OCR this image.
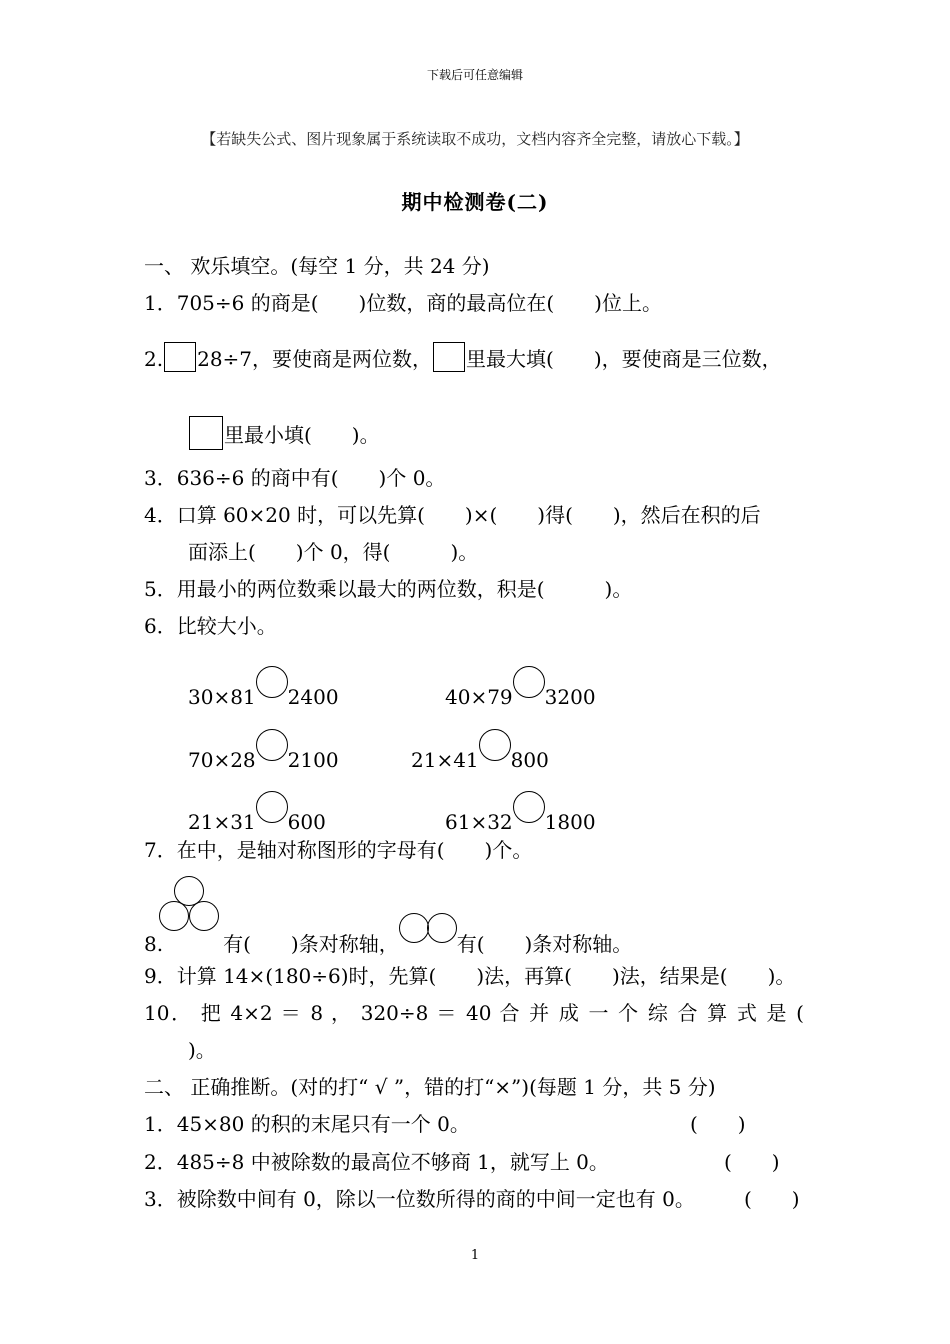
下载后可任意编辑
【若缺失公式、图片现象属于系统读取不成功，文档内容齐全完整，请放心下载。】
期中检测卷(二)
一、 欢乐填空。(每空 1 分，共 24 分)
1．705÷6 的商是(　　)位数，商的最高位在(　　)位上。
2. 28÷7，要使商是两位数， 里最大填(　　)，要使商是三位数，
里最小填(　　)。
3．636÷6 的商中有(　　)个 0。
4．口算 60×20 时，可以先算(　　)×(　　)得(　　)，然后在积的后
面添上(　　)个 0，得(　　　)。
5．用最小的两位数乘以最大的两位数，积是(　　　)。
6．比较大小。
30×81 2400	40×79 3200
70×28 2100	21×41 800
21×31 600	61×32 1800
7．在中，是轴对称图形的字母有(　　)个。
8.	有(　　)条对称轴，	有(　　)条对称轴。
9．计算 14×(180÷6)时，先算(　　)法，再算(　　)法，结果是(　　)。
10． 把 4×2 ＝ 8 ， 320÷8 ＝ 40 合 并 成 一 个 综 合 算 式 是 (
)。
二、 正确推断。(对的打“ √ ”，错的打“×”)(每题 1 分，共 5 分)
1．45×80 的积的末尾只有一个 0。	(　　)
2．485÷8 中被除数的最高位不够商 1，就写上 0。	(　　)
3．被除数中间有 0，除以一位数所得的商的中间一定也有 0。 (　　)
1
